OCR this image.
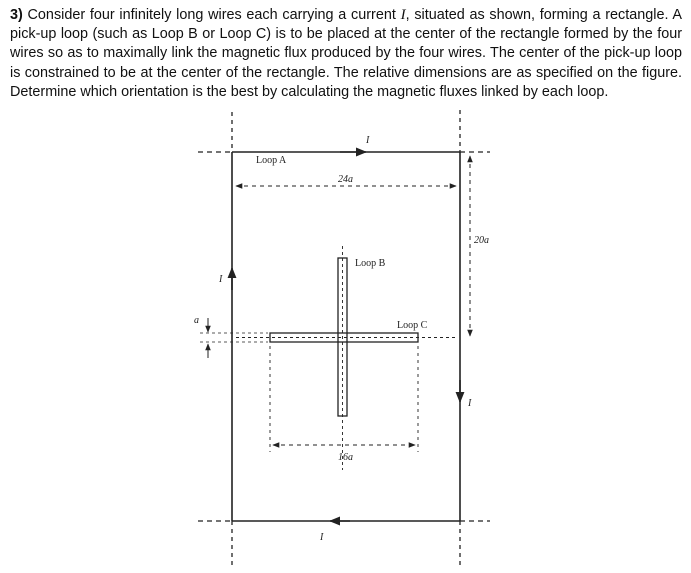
3) Consider four infinitely long wires each carrying a current I, situated as shown, forming a rectangle. A pick-up loop (such as Loop B or Loop C) is to be placed at the center of the rectangle formed by the four wires so as to maximally link the magnetic flux produced by the four wires. The center of the pick-up loop is constrained to be at the center of the rectangle. The relative dimensions are as specified on the figure. Determine which orientation is the best by calculating the magnetic fluxes linked by each loop.

Loop A
Loop B
Loop C
24a
20a
16a
a
I
I
I
I
